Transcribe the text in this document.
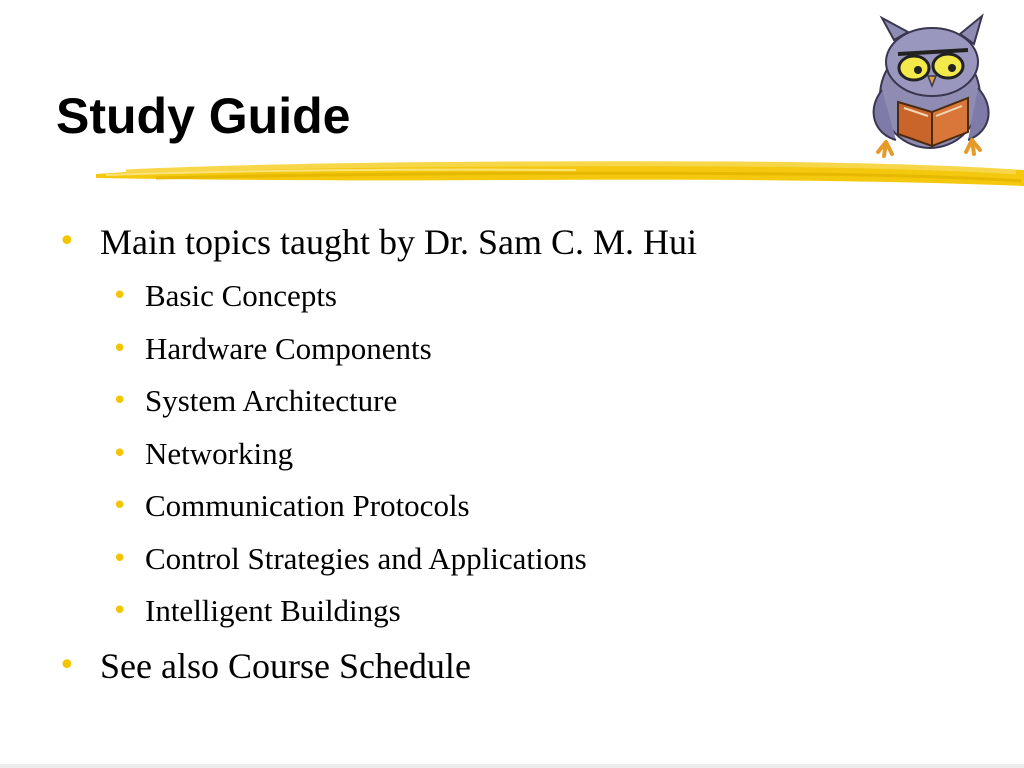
Study Guide
• Main topics taught by Dr. Sam C. M. Hui
• Basic Concepts
• Hardware Components
• System Architecture
• Networking
• Communication Protocols
• Control Strategies and Applications
• Intelligent Buildings
• See also Course Schedule
